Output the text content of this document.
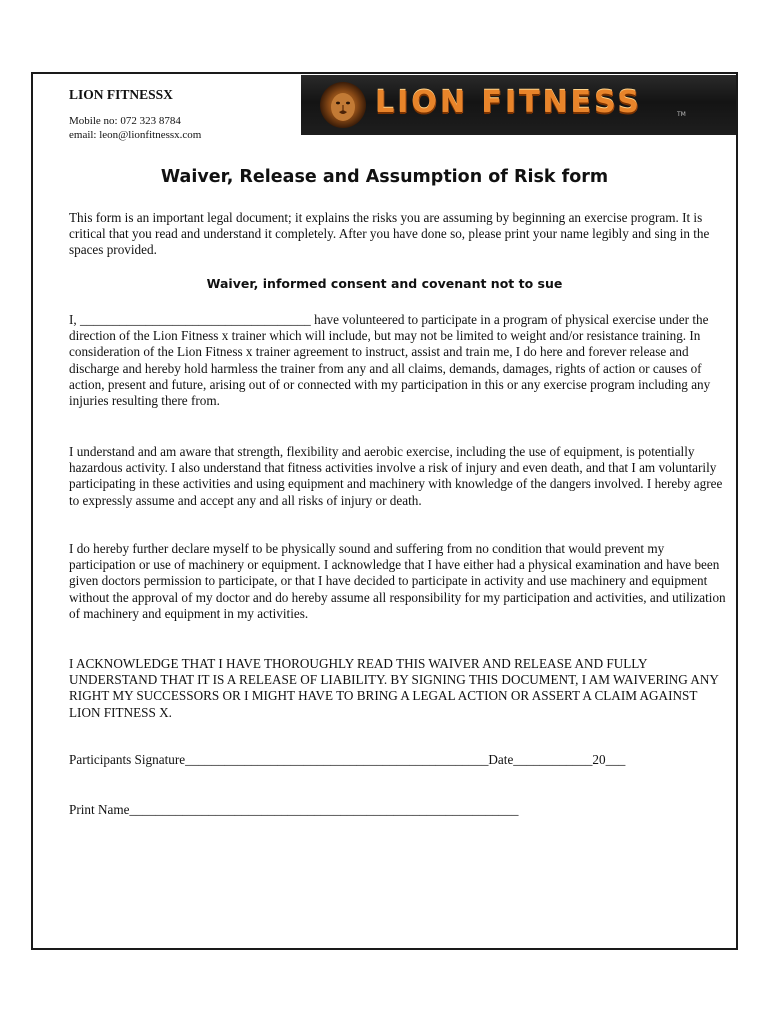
LION FITNESSX
Mobile no: 072 323 8784
email: leon@lionfitnessx.com
LION FITNESS	TM
Waiver, Release and Assumption of Risk form

This form is an important legal document; it explains the risks you are assuming by beginning an exercise program. It is critical that you read and understand it completely. After you have done so, please print your name legibly and sing in the spaces provided.

Waiver, informed consent and covenant not to sue

I, ___________________________________ have volunteered to participate in a program of physical exercise under the direction of the Lion Fitness x trainer which will include, but may not be limited to weight and/or resistance training. In consideration of the Lion Fitness x trainer agreement to instruct, assist and train me, I do here and forever release and discharge and hereby hold harmless the trainer from any and all claims, demands, damages, rights of action or causes of action, present and future, arising out of or connected with my participation in this or any exercise program including any injuries resulting there from.

I understand and am aware that strength, flexibility and aerobic exercise, including the use of equipment, is potentially hazardous activity. I also understand that fitness activities involve a risk of injury and even death, and that I am voluntarily participating in these activities and using equipment and machinery with knowledge of the dangers involved. I hereby agree to expressly assume and accept any and all risks of injury or death.

I do hereby further declare myself to be physically sound and suffering from no condition that would prevent my participation or use of machinery or equipment. I acknowledge that I have either had a physical examination and have been given doctors permission to participate, or that I have decided to participate in activity and use machinery and equipment without the approval of my doctor and do hereby assume all responsibility for my participation and activities, and utilization of machinery and equipment in my activities.

I ACKNOWLEDGE THAT I HAVE THOROUGHLY READ THIS WAIVER AND RELEASE AND FULLY UNDERSTAND THAT IT IS A RELEASE OF LIABILITY. BY SIGNING THIS DOCUMENT, I AM WAIVERING ANY RIGHT MY SUCCESSORS OR I MIGHT HAVE TO BRING A LEGAL ACTION OR ASSERT A CLAIM AGAINST LION FITNESS X.

Participants Signature______________________________________________Date____________20___
Print Name___________________________________________________________
